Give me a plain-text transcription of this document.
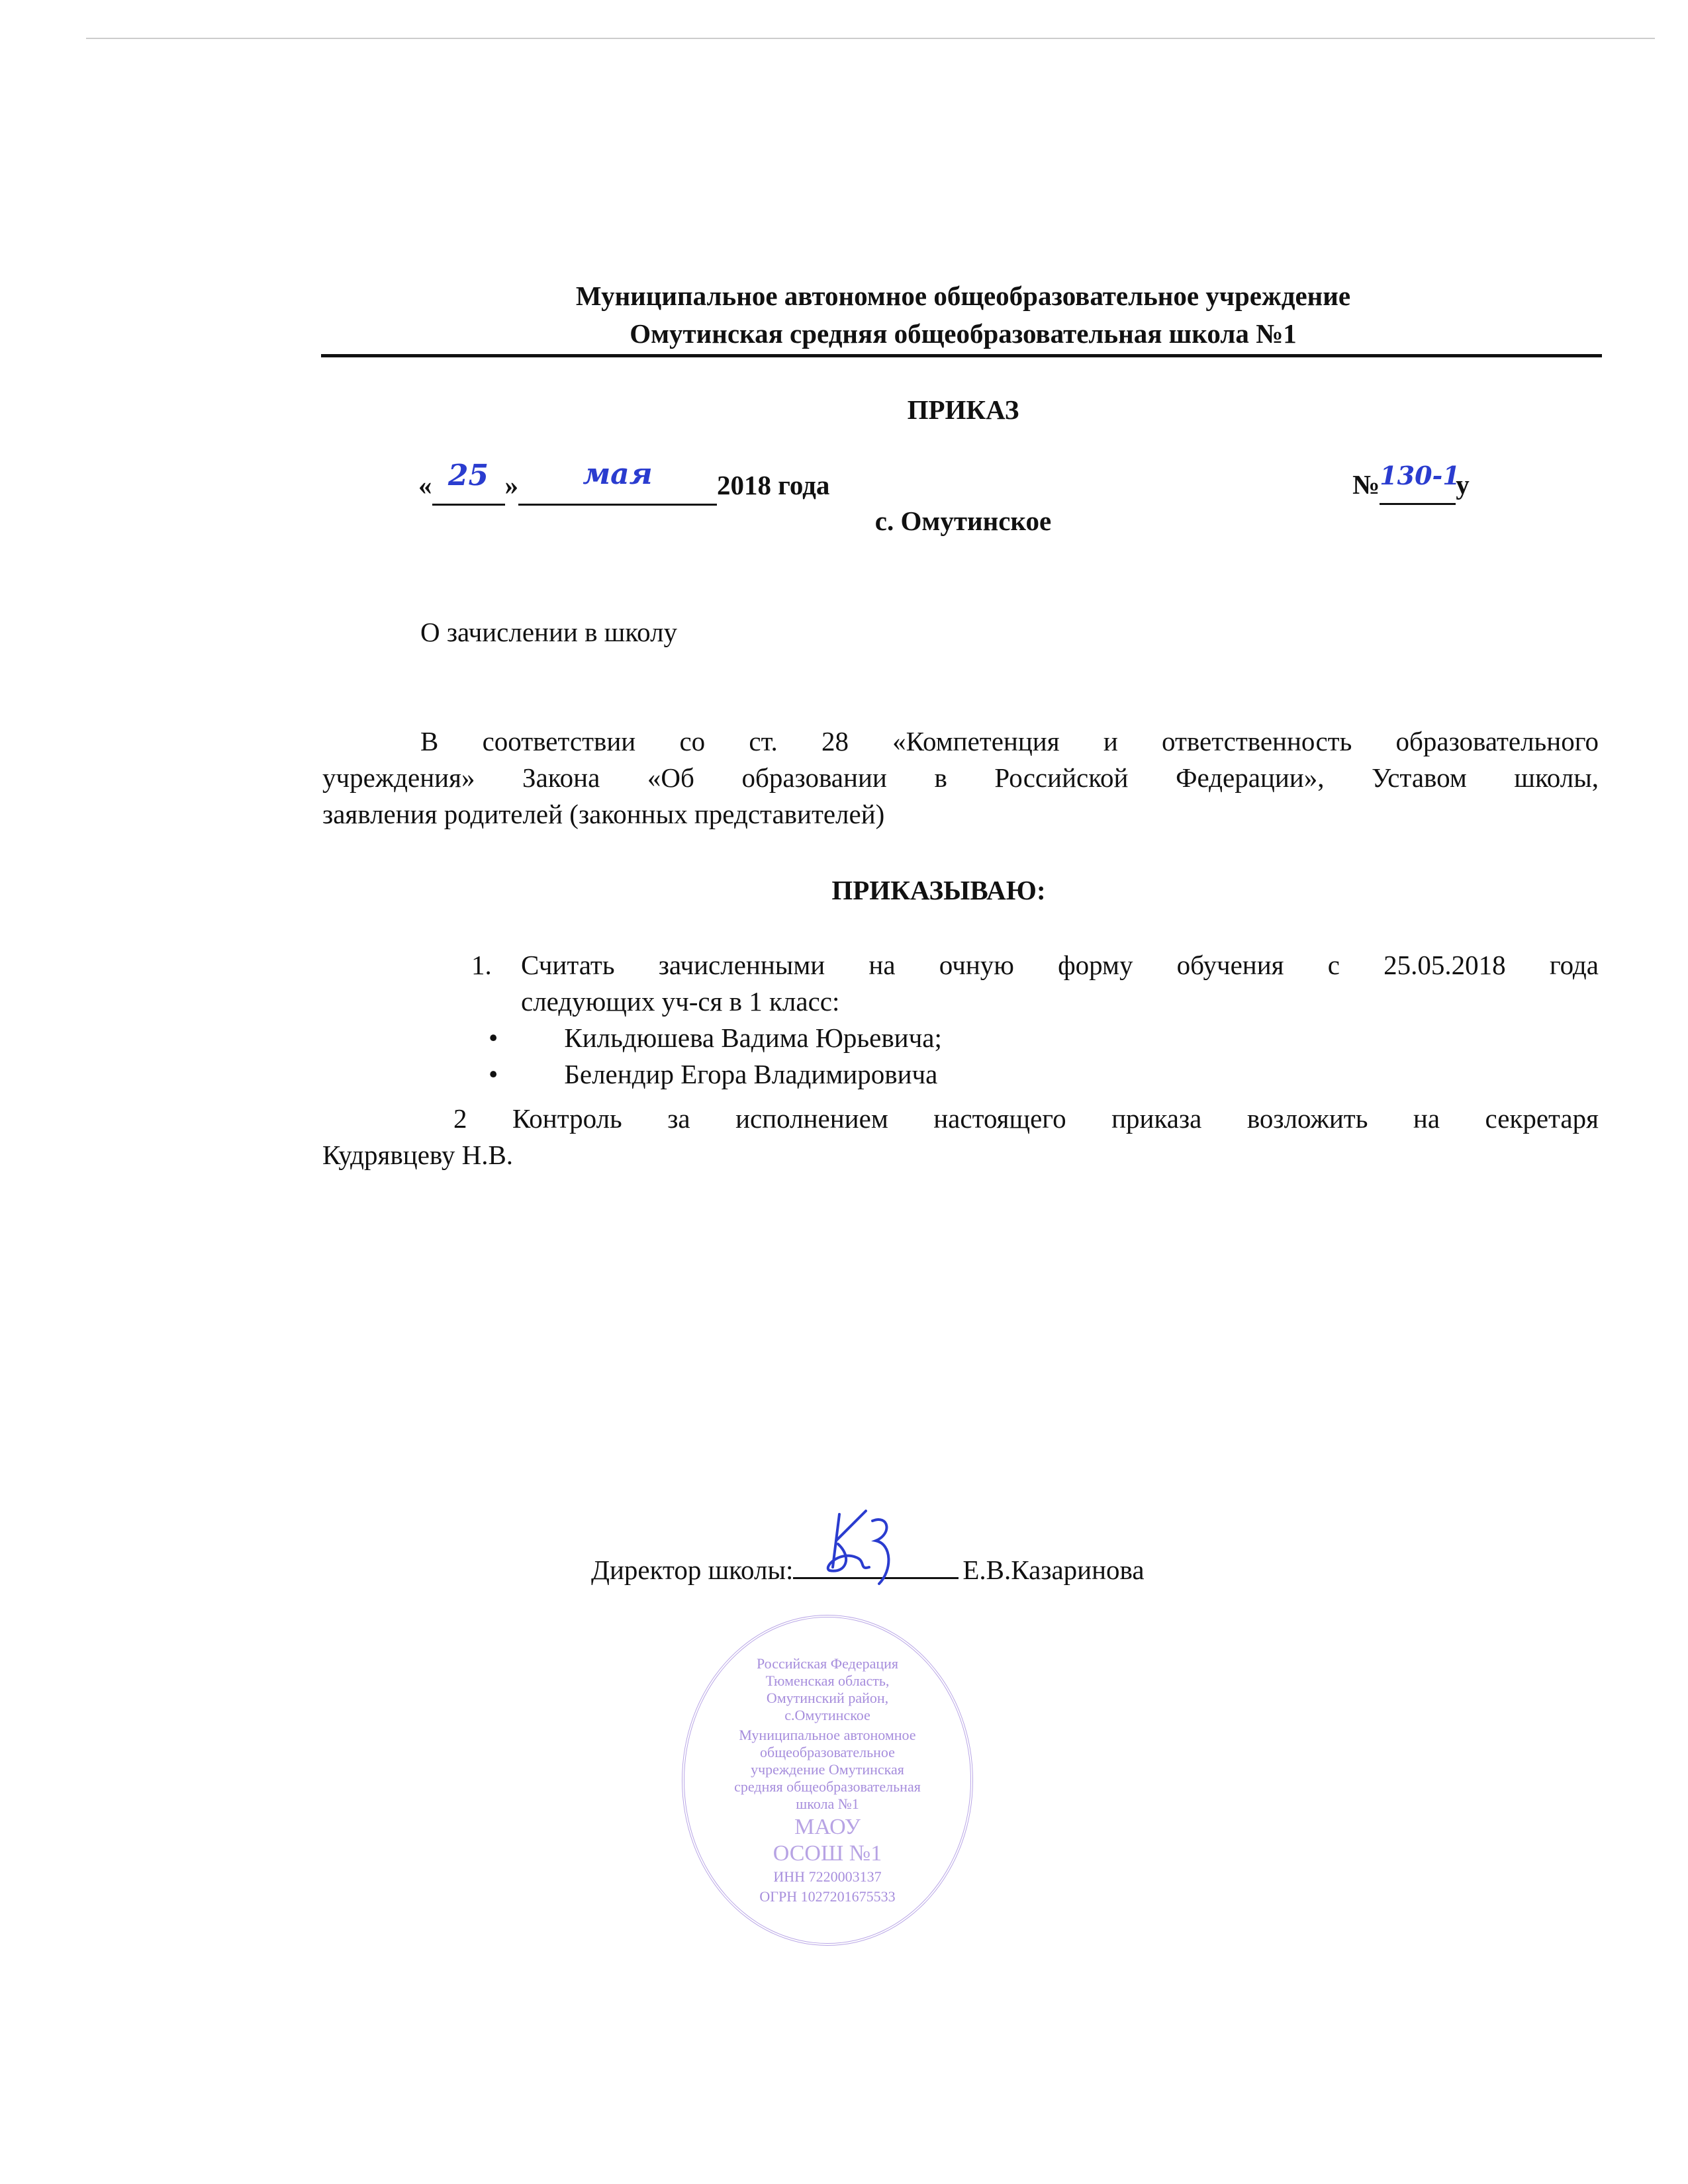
Муниципальное автономное общеобразовательное учреждение
Омутинская средняя общеобразовательная школа №1
ПРИКАЗ
« 25 » мая 2018 года	№130-1у
с. Омутинское
О зачислении в школу
В соответствии со ст. 28 «Компетенция и ответственность образовательного
учреждения» Закона «Об образовании в Российской Федерации», Уставом школы,
заявления родителей (законных представителей)
ПРИКАЗЫВАЮ:
1. Считать зачисленными на очную форму обучения с 25.05.2018 года
следующих уч-ся в 1 класс:
• Кильдюшева Вадима Юрьевича;
• Белендир Егора Владимировича
2 Контроль за исполнением настоящего приказа возложить на секретаря
Кудрявцеву Н.В.
Директор школы:	Е.В.Казаринова
Российская Федерация Тюменская область, Омутинский район, с.Омутинское
Муниципальное автономное общеобразовательное учреждение Омутинская средняя общеобразовательная школа №1
МАОУ
ОСОШ №1
ИНН 7220003137
ОГРН 1027201675533
